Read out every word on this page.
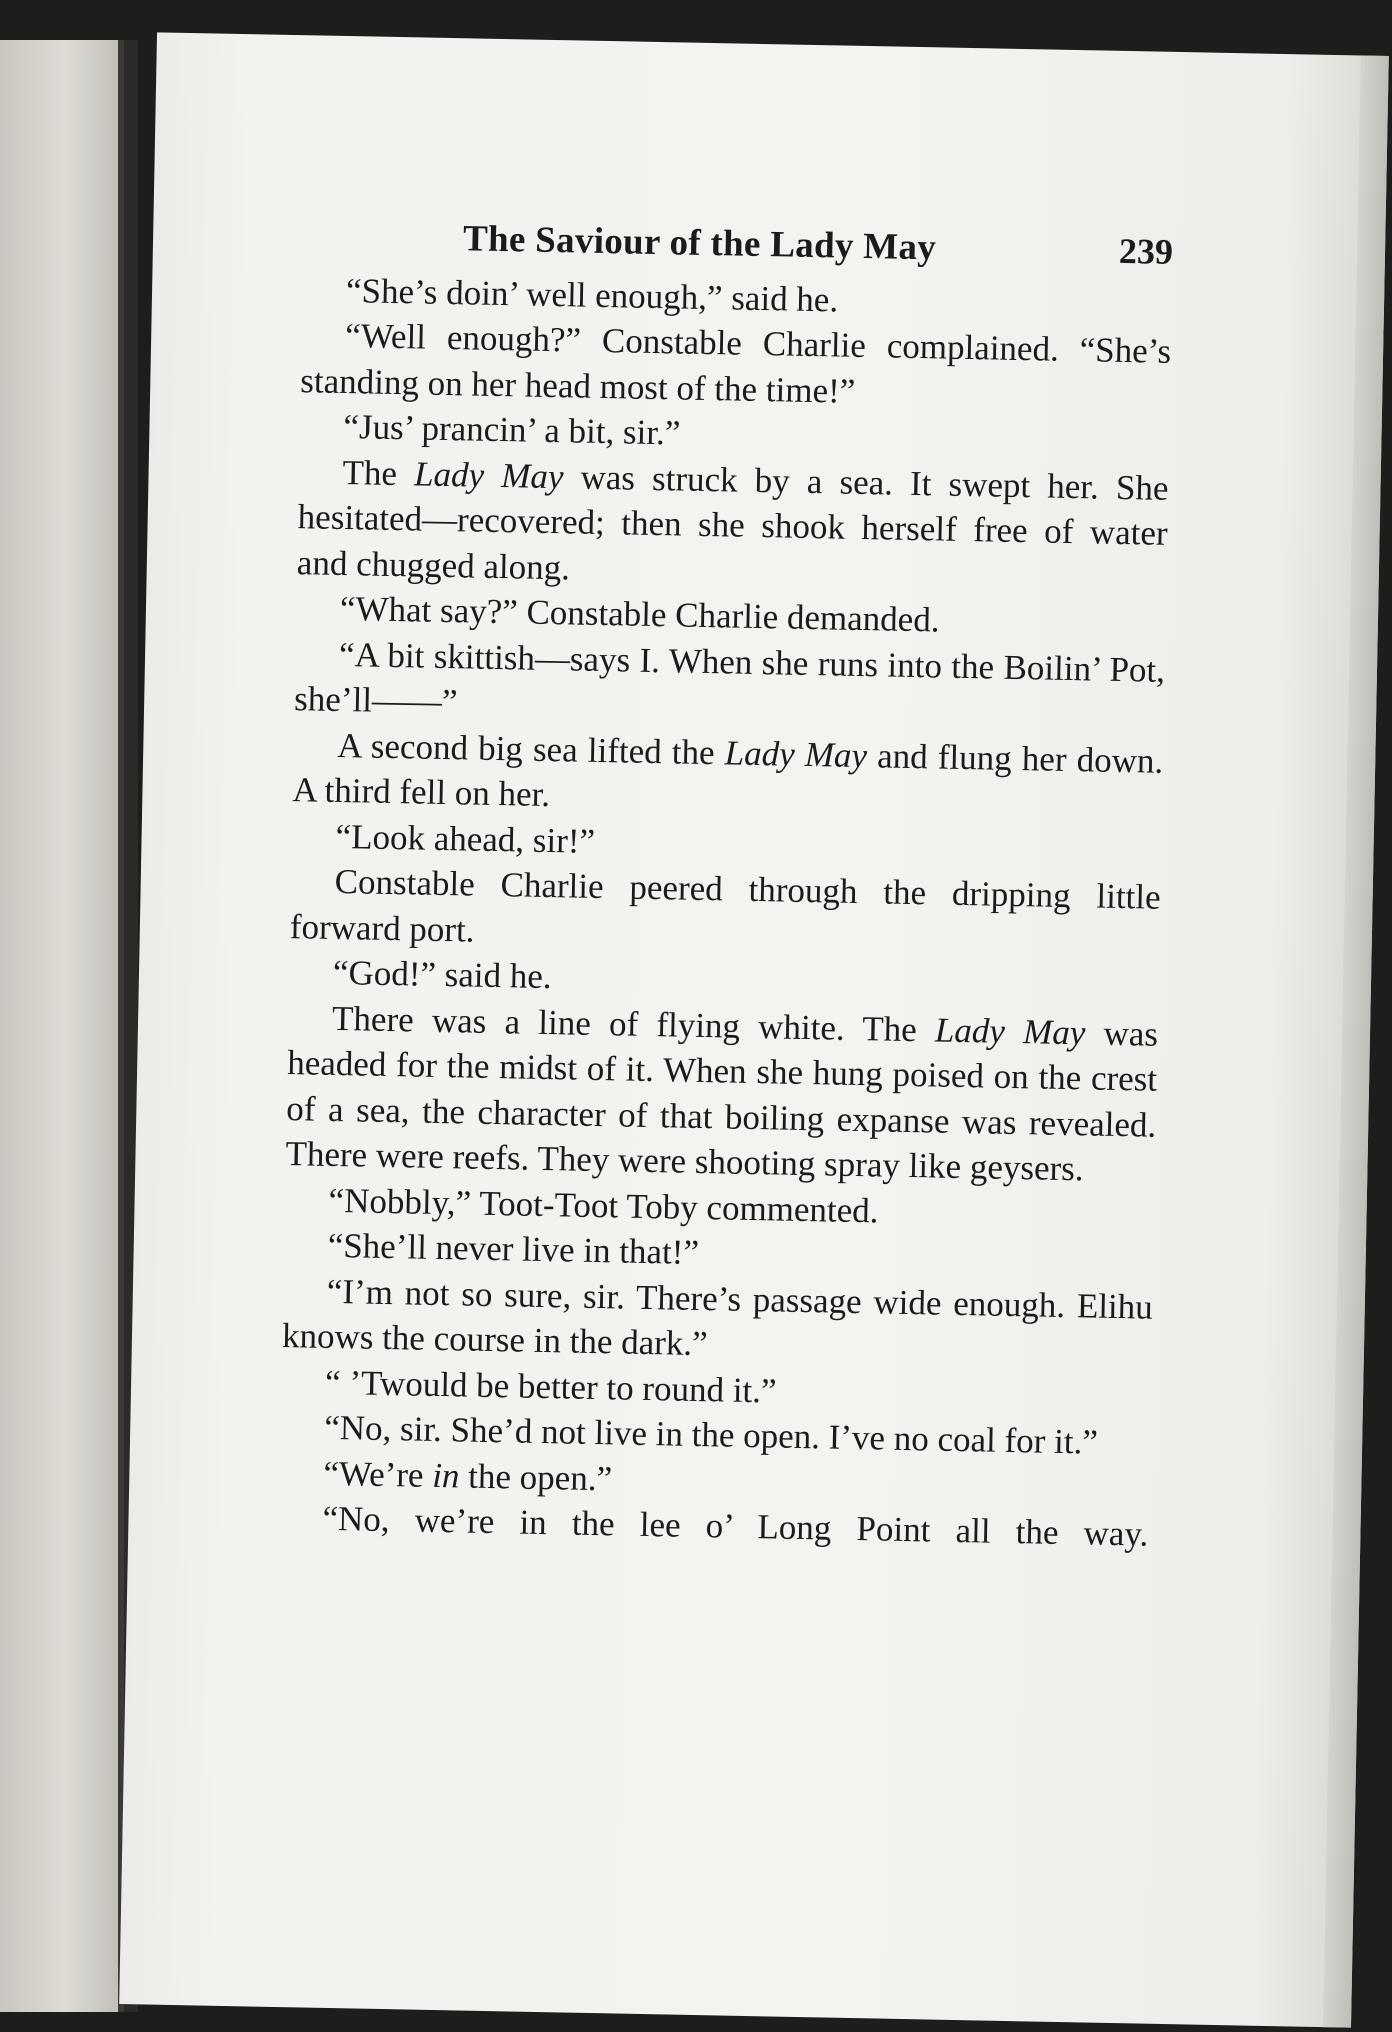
The Saviour of the Lady May	239

“She’s doin’ well enough,” said he.

“Well enough?” Constable Charlie complained. “She’s standing on her head most of the time!”

“Jus’ prancin’ a bit, sir.”

The Lady May was struck by a sea. It swept her. She hesitated—recovered; then she shook herself free of water and chugged along.

“What say?” Constable Charlie demanded.

“A bit skittish—says I. When she runs into the Boilin’ Pot, she’ll——”

A second big sea lifted the Lady May and flung her down. A third fell on her.

“Look ahead, sir!”

Constable Charlie peered through the dripping little forward port.

“God!” said he.

There was a line of flying white. The Lady May was headed for the midst of it. When she hung poised on the crest of a sea, the character of that boiling expanse was revealed. There were reefs. They were shooting spray like geysers.

“Nobbly,” Toot-Toot Toby commented.

“She’ll never live in that!”

“I’m not so sure, sir. There’s passage wide enough. Elihu knows the course in the dark.”

“ ’Twould be better to round it.”

“No, sir. She’d not live in the open. I’ve no coal for it.”

“We’re in the open.”

“No, we’re in the lee o’ Long Point all the way.
